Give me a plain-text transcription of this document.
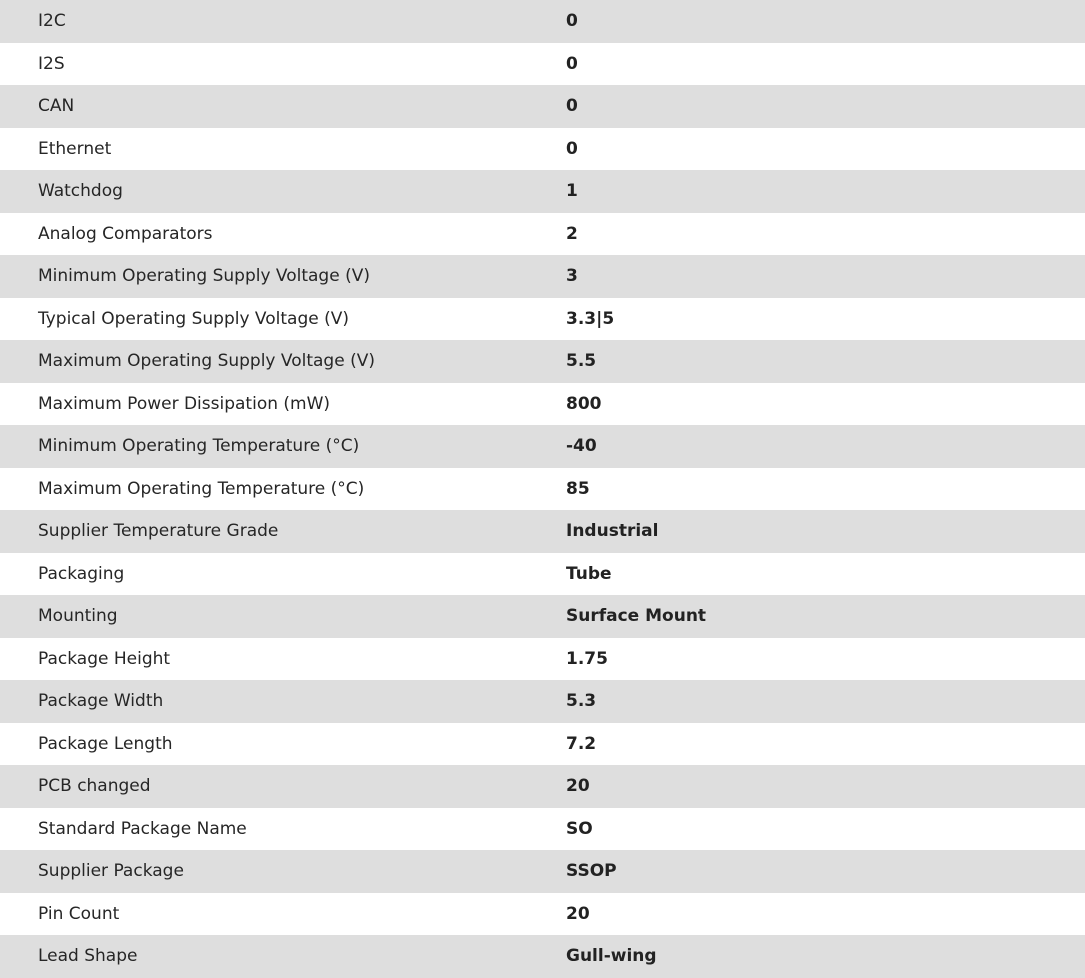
I2C	0
I2S	0
CAN	0
Ethernet	0
Watchdog	1
Analog Comparators	2
Minimum Operating Supply Voltage (V)	3
Typical Operating Supply Voltage (V)	3.3|5
Maximum Operating Supply Voltage (V)	5.5
Maximum Power Dissipation (mW)	800
Minimum Operating Temperature (°C)	-40
Maximum Operating Temperature (°C)	85
Supplier Temperature Grade	Industrial
Packaging	Tube
Mounting	Surface Mount
Package Height	1.75
Package Width	5.3
Package Length	7.2
PCB changed	20
Standard Package Name	SO
Supplier Package	SSOP
Pin Count	20
Lead Shape	Gull-wing
